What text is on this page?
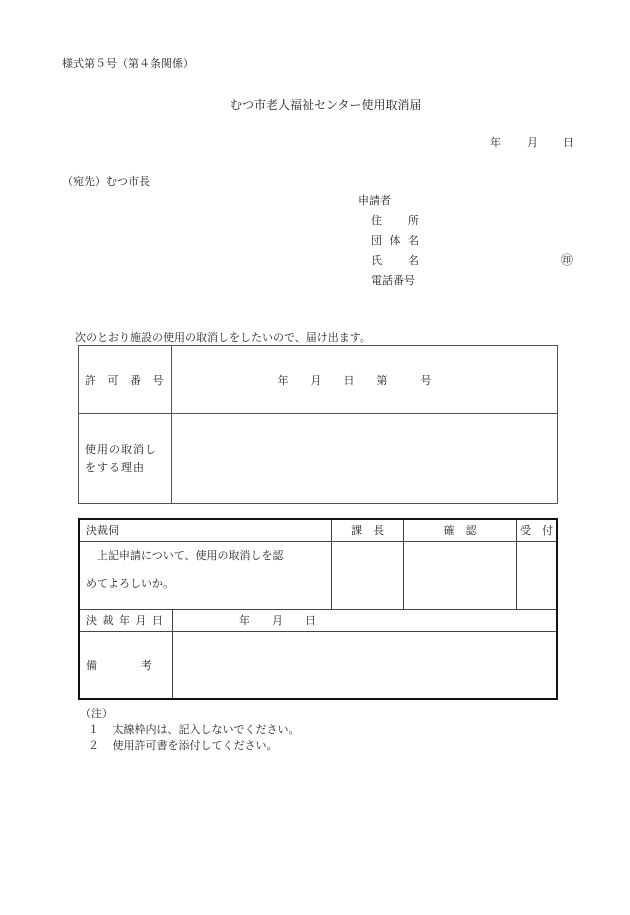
様式第５号（第４条関係）
むつ市老人福祉センター使用取消届
年 月 日
（宛先）むつ市長
申請者
住 所
団 体 名
氏 名	㊞
電話番号
次のとおり施設の使用の取消しをしたいので、届け出ます。
許 可 番 号	年　　月　　日　　第　　　号

使用の取消し
をする理由	

決裁伺		課　長	確　認	受　付

上記申請について、使用の取消しを認
めてよろしいか。				

決 裁 年 月 日	年　　月　　日			
備　　　　考				
（注）
１ 太線枠内は、記入しないでください。
２ 使用許可書を添付してください。
